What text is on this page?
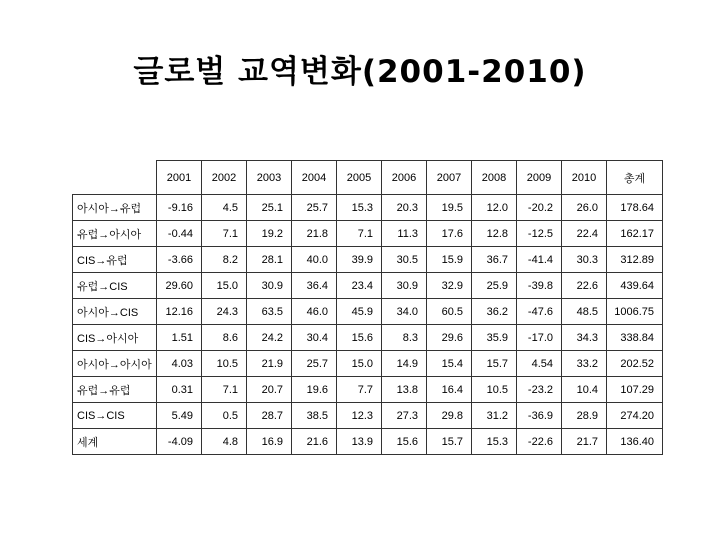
글로벌 교역변화(2001-2010)
	2001	2002	2003	2004	2005	2006	2007	2008	2009	2010	총계
아시아→유럽	-9.16	4.5	25.1	25.7	15.3	20.3	19.5	12.0	-20.2	26.0	178.64
유럽→아시아	-0.44	7.1	19.2	21.8	7.1	11.3	17.6	12.8	-12.5	22.4	162.17
CIS→유럽	-3.66	8.2	28.1	40.0	39.9	30.5	15.9	36.7	-41.4	30.3	312.89
유럽→CIS	29.60	15.0	30.9	36.4	23.4	30.9	32.9	25.9	-39.8	22.6	439.64
아시아→CIS	12.16	24.3	63.5	46.0	45.9	34.0	60.5	36.2	-47.6	48.5	1006.75
CIS→아시아	1.51	8.6	24.2	30.4	15.6	8.3	29.6	35.9	-17.0	34.3	338.84
아시아→아시아	4.03	10.5	21.9	25.7	15.0	14.9	15.4	15.7	4.54	33.2	202.52
유럽→유럽	0.31	7.1	20.7	19.6	7.7	13.8	16.4	10.5	-23.2	10.4	107.29
CIS→CIS	5.49	0.5	28.7	38.5	12.3	27.3	29.8	31.2	-36.9	28.9	274.20
세계	-4.09	4.8	16.9	21.6	13.9	15.6	15.7	15.3	-22.6	21.7	136.40
